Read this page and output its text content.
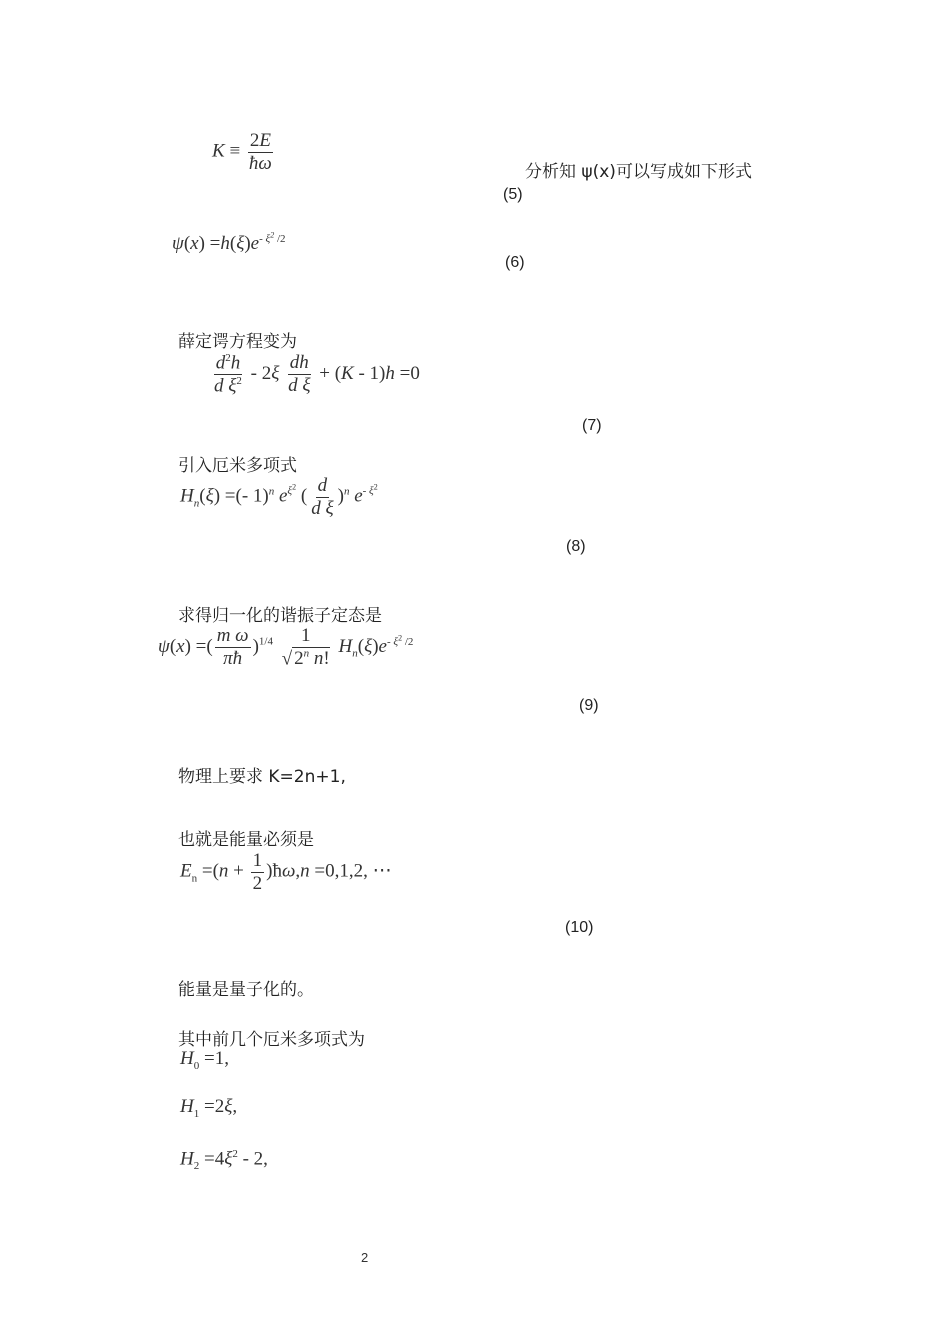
$K \equiv \frac{2E}{ħ\omega}$	分析知 ψ(x)可以写成如下形式
(5)
$\psi(x) =h(\xi)e^{- \xi^2 /2}$
(6)
薛定谔方程变为
$\frac{d^2h}{d \xi^2} - 2\xi \frac{dh}{\text{d ξ}} + (K - 1)h =0$
(7)
引入厄米多项式
$H_n(\xi)$ =(- 1)$^n$ $e^{\xi^2}$ ( $\frac{d}{\text{d ξ}} )^n$ $e^{- \xi^2}$
(8)
求得归一化的谐振子定态是
ψ(x) =( $\frac{\text{m ω}}{\pi ħ} )^{1/4} \frac{1}{√ 2^n n!} H_n(\xi)e^{- \xi^2 /2}$
(9)
物理上要求 K=2n+1,
也就是能量必须是
$E_n =(n + \frac{1}{2}$ )ħω,n =0,1,2, ⋯
(10)
能量是量子化的。
其中前几个厄米多项式为
$H_0 =1$,
$H_1 =2\xi$,
$H_2 =4\xi^2 - 2$,
2
